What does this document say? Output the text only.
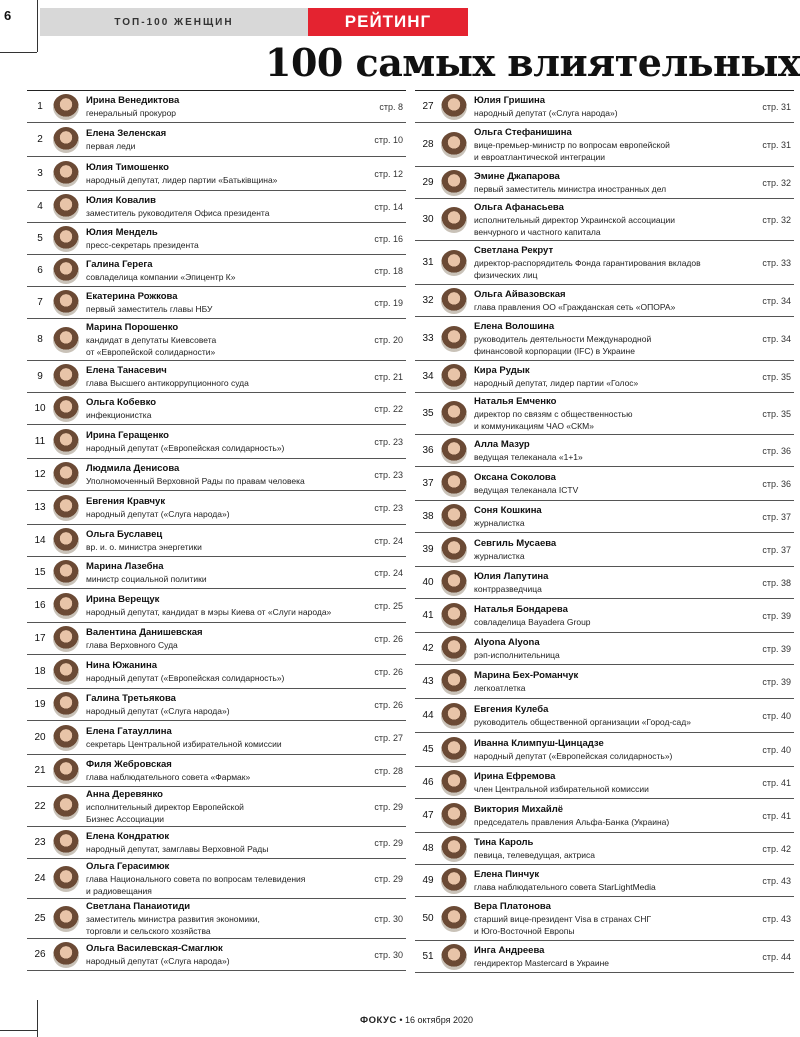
6	ТОП-100 ЖЕНЩИН	РЕЙТИНГ
100 самых влиятельных
1
Ирина Венедиктова
генеральный прокурор
стр. 8
2
Елена Зеленская
первая леди
стр. 10
3
Юлия Тимошенко
народный депутат, лидер партии «Батьківщина»
стр. 12
4
Юлия Ковалив
заместитель руководителя Офиса президента
стр. 14
5
Юлия Мендель
пресс-секретарь президента
стр. 16
6
Галина Герега
совладелица компании «Эпицентр К»
стр. 18
7
Екатерина Рожкова
первый заместитель главы НБУ
стр. 19
8
Марина Порошенко
кандидат в депутаты Киевсовета
от «Европейской солидарности»
стр. 20
9
Елена Танасевич
глава Высшего антикоррупционного суда
стр. 21
10
Ольга Кобевко
инфекционистка
стр. 22
11
Ирина Геращенко
народный депутат («Европейская солидарность»)
стр. 23
12
Людмила Денисова
Уполномоченный Верховной Рады по правам человека
стр. 23
13
Евгения Кравчук
народный депутат («Слуга народа»)
стр. 23
14
Ольга Буславец
вр. и. о. министра энергетики
стр. 24
15
Марина Лазебна
министр социальной политики
стр. 24
16
Ирина Верещук
народный депутат, кандидат в мэры Киева от «Слуги народа»
стр. 25
17
Валентина Данишевская
глава Верховного Суда
стр. 26
18
Нина Южанина
народный депутат («Европейская солидарность»)
стр. 26
19
Галина Третьякова
народный депутат («Слуга народа»)
стр. 26
20
Елена Гатауллина
секретарь Центральной избирательной комиссии
стр. 27
21
Филя Жебровская
глава наблюдательного совета «Фармак»
стр. 28
22
Анна Деревянко
исполнительный директор Европейской
Бизнес Ассоциации
стр. 29
23
Елена Кондратюк
народный депутат, замглавы Верховной Рады
стр. 29
24
Ольга Герасимюк
глава Национального совета по вопросам телевидения
и радиовещания
стр. 29
25
Светлана Панаиотиди
заместитель министра развития экономики,
торговли и сельского хозяйства
стр. 30
26
Ольга Василевская-Смаглюк
народный депутат («Слуга народа»)
стр. 30
27
Юлия Гришина
народный депутат («Слуга народа»)
стр. 31
28
Ольга Стефанишина
вице-премьер-министр по вопросам европейской
и евроатлантической интеграции
стр. 31
29
Эмине Джапарова
первый заместитель министра иностранных дел
стр. 32
30
Ольга Афанасьева
исполнительный директор Украинской ассоциации
венчурного и частного капитала
стр. 32
31
Светлана Рекрут
директор-распорядитель Фонда гарантирования вкладов
физических лиц
стр. 33
32
Ольга Айвазовская
глава правления ОО «Гражданская сеть «ОПОРА»
стр. 34
33
Елена Волошина
руководитель деятельности Международной
финансовой корпорации (IFC) в Украине
стр. 34
34
Кира Рудык
народный депутат, лидер партии «Голос»
стр. 35
35
Наталья Емченко
директор по связям с общественностью
и коммуникациям ЧАО «СКМ»
стр. 35
36
Алла Мазур
ведущая телеканала «1+1»
стр. 36
37
Оксана Соколова
ведущая телеканала ICTV
стр. 36
38
Соня Кошкина
журналистка
стр. 37
39
Севгиль Мусаева
журналистка
стр. 37
40
Юлия Лапутина
контрразведчица
стр. 38
41
Наталья Бондарева
совладелица Bayadera Group
стр. 39
42
Alyona Alyona
рэп-исполнительница
стр. 39
43
Марина Бех-Романчук
легкоатлетка
стр. 39
44
Евгения Кулеба
руководитель общественной организации «Город-сад»
стр. 40
45
Иванна Климпуш-Цинцадзе
народный депутат («Европейская солидарность»)
стр. 40
46
Ирина Ефремова
член Центральной избирательной комиссии
стр. 41
47
Виктория Михайлё
председатель правления Альфа-Банка (Украина)
стр. 41
48
Тина Кароль
певица, телеведущая, актриса
стр. 42
49
Елена Пинчук
глава наблюдательного совета StarLightMedia
стр. 43
50
Вера Платонова
старший вице-президент Visa в странах СНГ
и Юго-Восточной Европы
стр. 43
51
Инга Андреева
гендиректор Mastercard в Украине
стр. 44
ФОКУС • 16 октября 2020
